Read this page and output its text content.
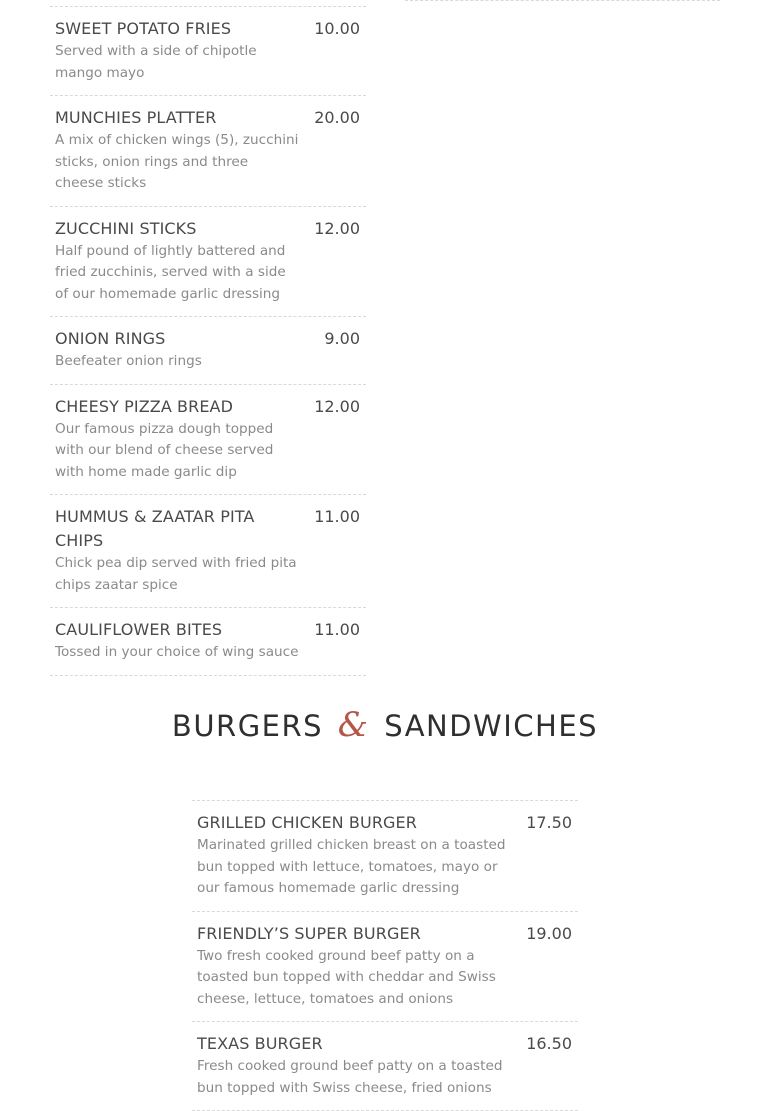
SWEET POTATO FRIES
Served with a side of chipotle mango mayo
10.00
MUNCHIES PLATTER
A mix of chicken wings (5), zucchini sticks, onion rings and three cheese sticks
20.00
ZUCCHINI STICKS
Half pound of lightly battered and fried zucchinis, served with a side of our homemade garlic dressing
12.00
ONION RINGS
Beefeater onion rings
9.00
CHEESY PIZZA BREAD
Our famous pizza dough topped with our blend of cheese served with home made garlic dip
12.00
HUMMUS & ZAATAR PITA CHIPS
Chick pea dip served with fried pita chips zaatar spice
11.00
CAULIFLOWER BITES
Tossed in your choice of wing sauce
11.00
BURGERS & SANDWICHES
GRILLED CHICKEN BURGER
Marinated grilled chicken breast on a toasted bun topped with lettuce, tomatoes, mayo or our famous homemade garlic dressing
17.50
FRIENDLY’S SUPER BURGER
Two fresh cooked ground beef patty on a toasted bun topped with cheddar and Swiss cheese, lettuce, tomatoes and onions
19.00
TEXAS BURGER
Fresh cooked ground beef patty on a toasted bun topped with Swiss cheese, fried onions
16.50
